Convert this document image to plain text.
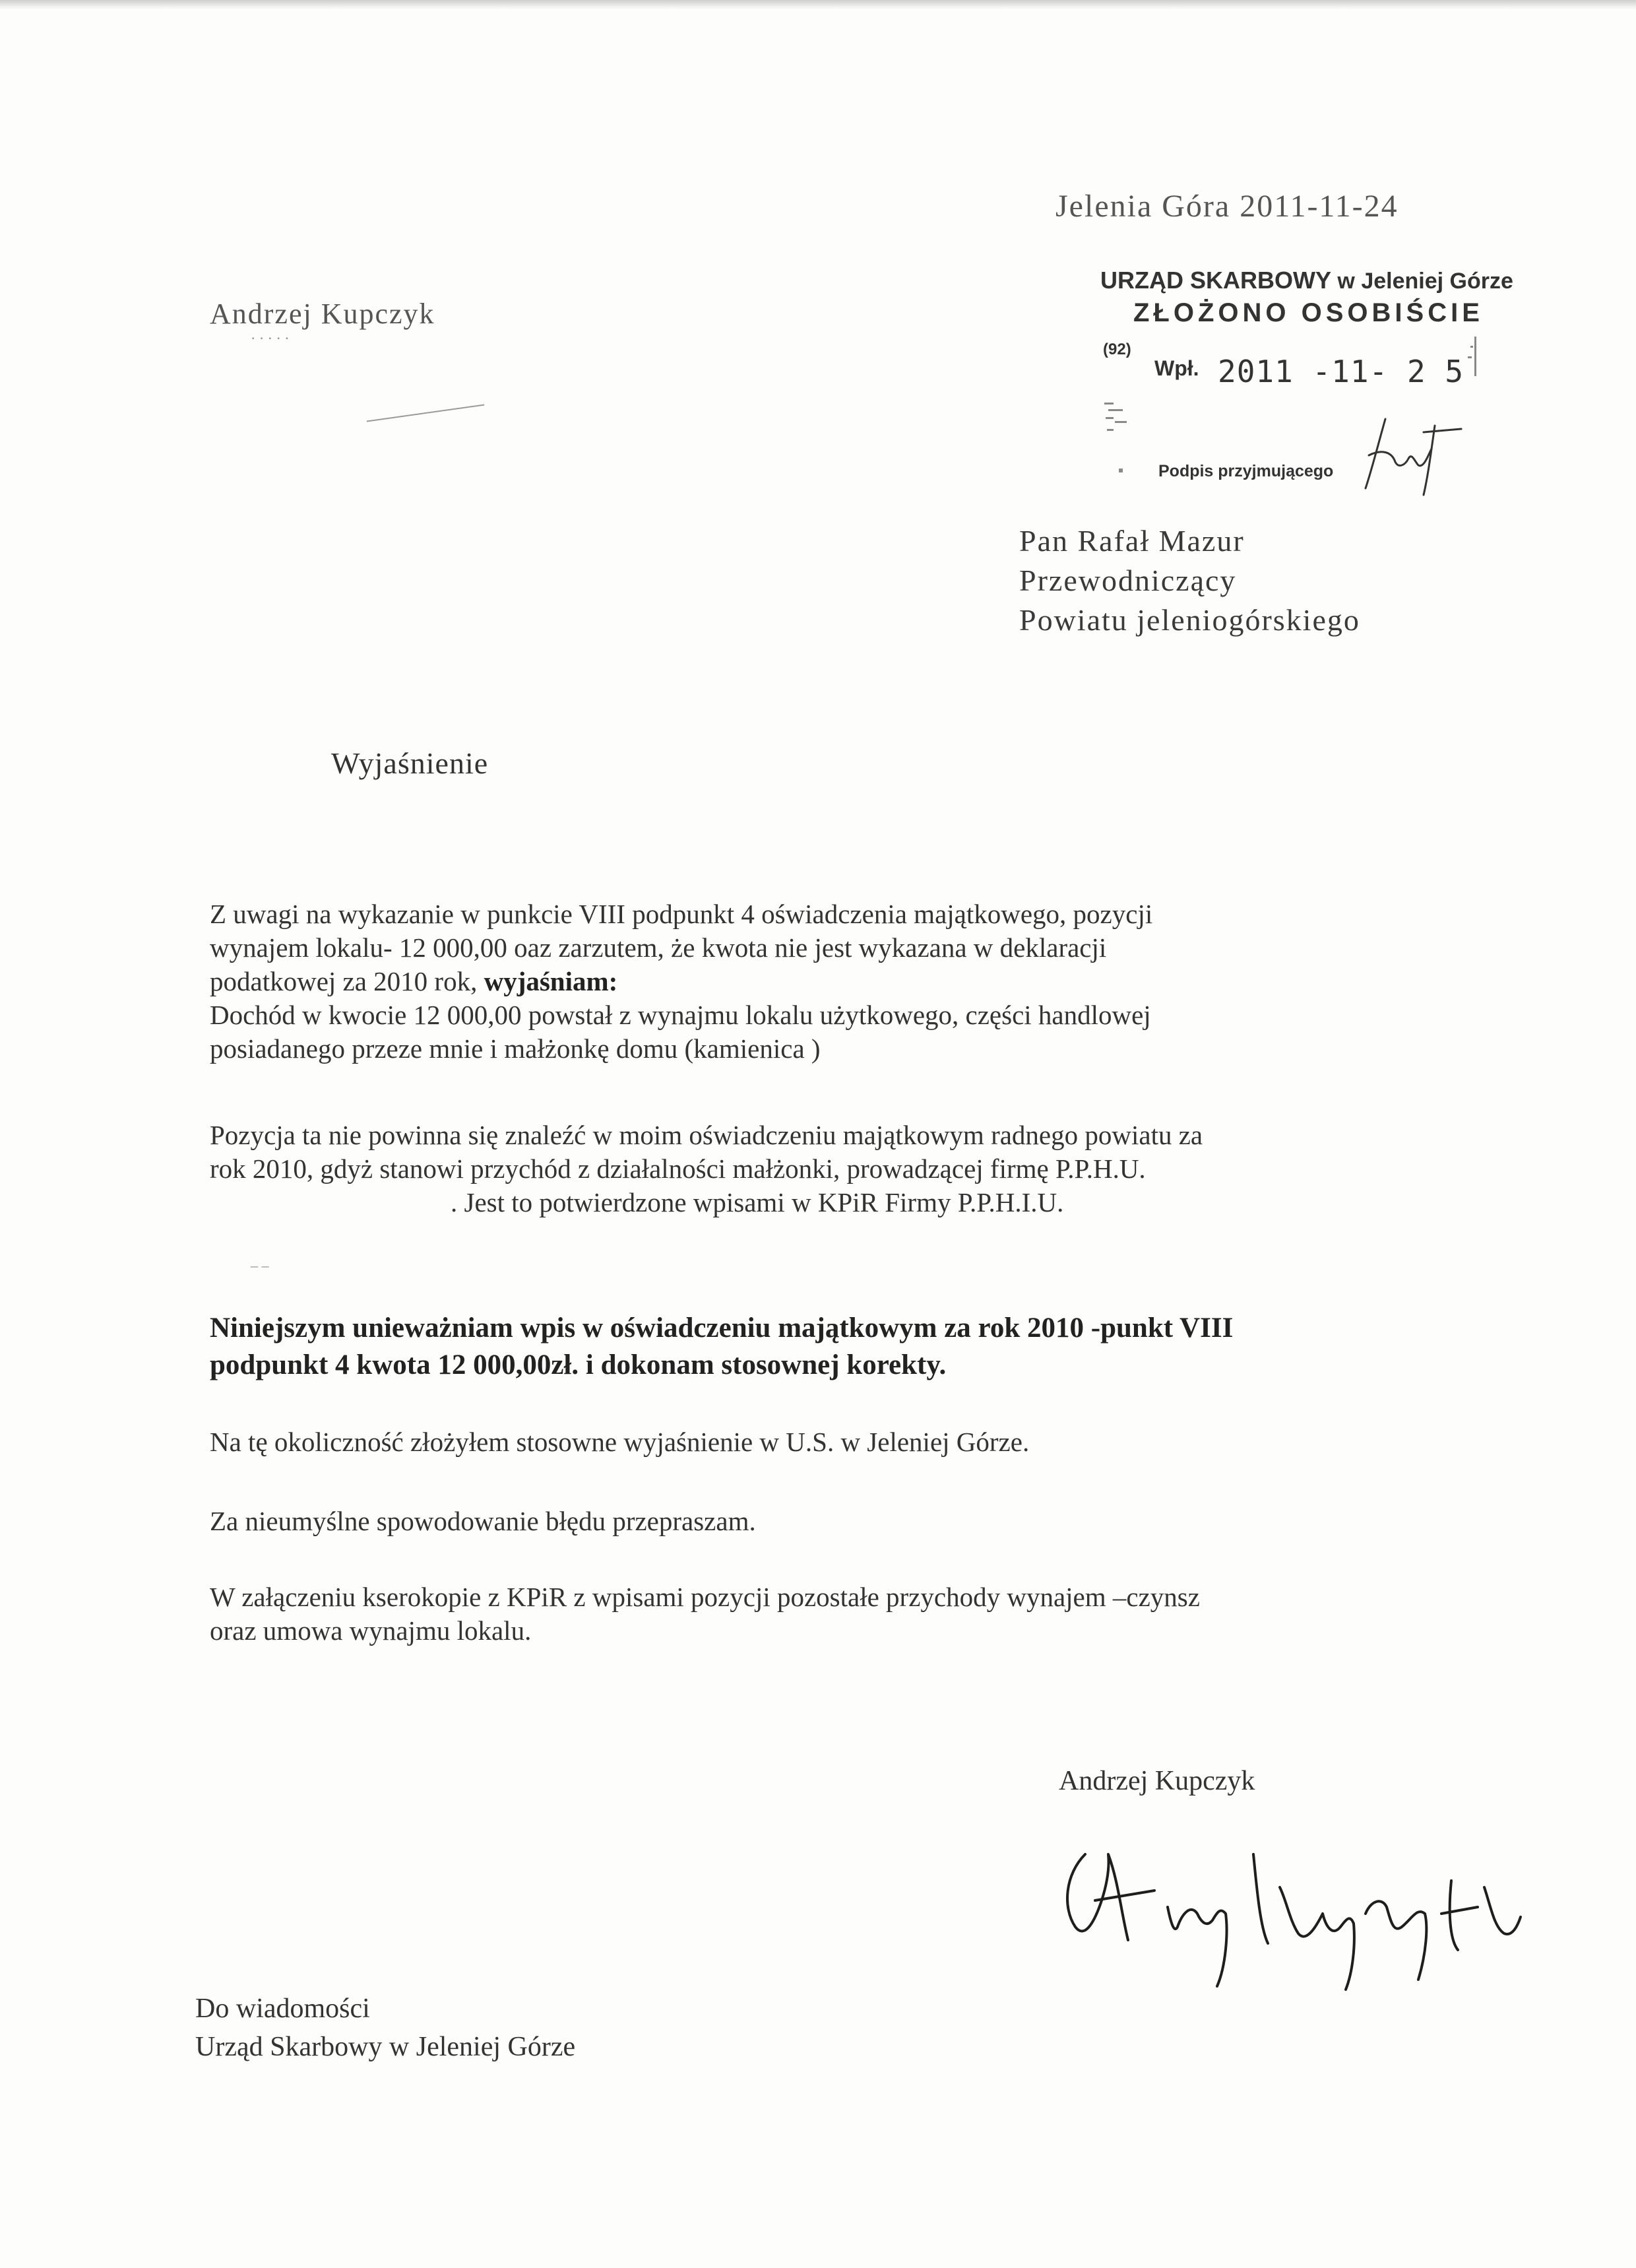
Jelenia Góra 2011-11-24
Andrzej Kupczyk
· · · · ·
URZĄD SKARBOWY w Jeleniej Górze
ZŁOŻONO OSOBIŚCIE
(92)
Wpł. 2011 -11- 2 5
Podpis przyjmującego
Pan Rafał Mazur
Przewodniczący
Powiatu jeleniogórskiego
Wyjaśnienie
Z uwagi na wykazanie w punkcie VIII podpunkt 4 oświadczenia majątkowego, pozycji
wynajem lokalu- 12 000,00 oaz zarzutem, że kwota nie jest wykazana w deklaracji
podatkowej za 2010 rok, wyjaśniam:
Dochód w kwocie 12 000,00 powstał z wynajmu lokalu użytkowego, części handlowej
posiadanego przeze mnie i małżonkę domu (kamienica )
Pozycja ta nie powinna się znaleźć w moim oświadczeniu majątkowym radnego powiatu za
rok 2010, gdyż stanowi przychód z działalności małżonki, prowadzącej firmę P.P.H.U.
. Jest to potwierdzone wpisami w KPiR Firmy P.P.H.I.U.
– –
Niniejszym unieważniam wpis w oświadczeniu majątkowym za rok 2010 -punkt VIII
podpunkt 4 kwota 12 000,00zł. i dokonam stosownej korekty.
Na tę okoliczność złożyłem stosowne wyjaśnienie w U.S. w Jeleniej Górze.
Za nieumyślne spowodowanie błędu przepraszam.
W załączeniu kserokopie z KPiR z wpisami pozycji pozostałe przychody wynajem –czynsz
oraz umowa wynajmu lokalu.
Andrzej Kupczyk
Do wiadomości
Urząd Skarbowy w Jeleniej Górze
